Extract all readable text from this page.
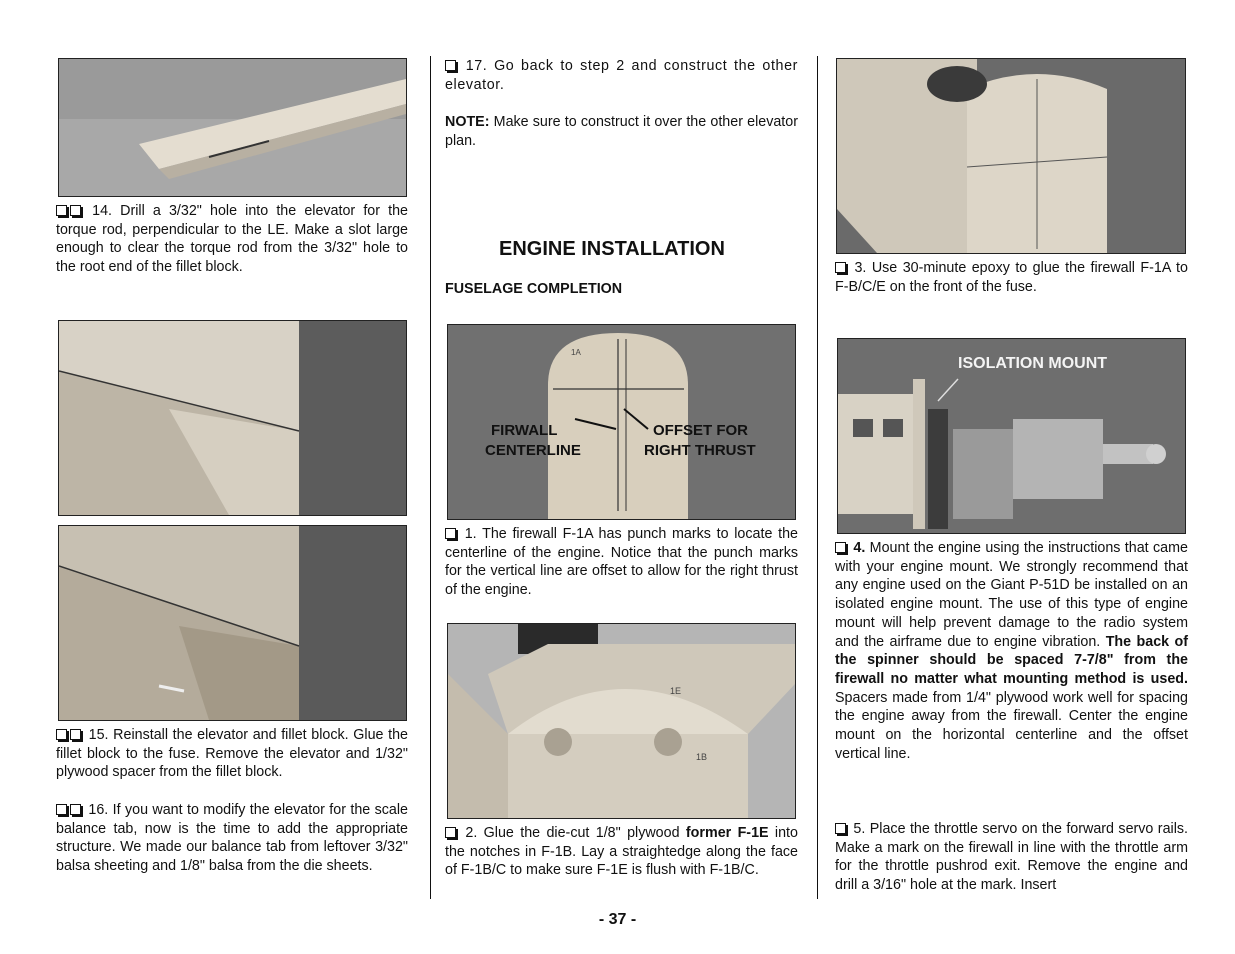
14. Drill a 3/32" hole into the elevator for the torque rod, perpendicular to the LE. Make a slot large enough to clear the torque rod from the 3/32" hole to the root end of the fillet block.

15. Reinstall the elevator and fillet block. Glue the fillet block to the fuse. Remove the elevator and 1/32" plywood spacer from the fillet block.

16. If you want to modify the elevator for the scale balance tab, now is the time to add the appropriate structure. We made our balance tab from leftover 3/32" balsa sheeting and 1/8" balsa from the die sheets.

17. Go back to step 2 and construct the other elevator.

NOTE: Make sure to construct it over the other elevator plan.

ENGINE INSTALLATION
FUSELAGE COMPLETION
FIRWALL
CENTERLINE
OFFSET FOR
RIGHT THRUST
1A

1. The firewall F-1A has punch marks to locate the centerline of the engine. Notice that the punch marks for the vertical line are offset to allow for the right thrust of the engine.

1E
1B

2. Glue the die-cut 1/8" plywood former F-1E into the notches in F-1B. Lay a straightedge along the face of F-1B/C to make sure F-1E is flush with F-1B/C.

3. Use 30-minute epoxy to glue the firewall F-1A to F-B/C/E on the front of the fuse.

ISOLATION MOUNT

4. Mount the engine using the instructions that came with your engine mount. We strongly recommend that any engine used on the Giant P-51D be installed on an isolated engine mount. The use of this type of engine mount will help prevent damage to the radio system and the airframe due to engine vibration. The back of the spinner should be spaced 7-7/8" from the firewall no matter what mounting method is used. Spacers made from 1/4" plywood work well for spacing the engine away from the firewall. Center the engine mount on the horizontal centerline and the offset vertical line.

5. Place the throttle servo on the forward servo rails. Make a mark on the firewall in line with the throttle arm for the throttle pushrod exit. Remove the engine and drill a 3/16" hole at the mark. Insert

- 37 -
